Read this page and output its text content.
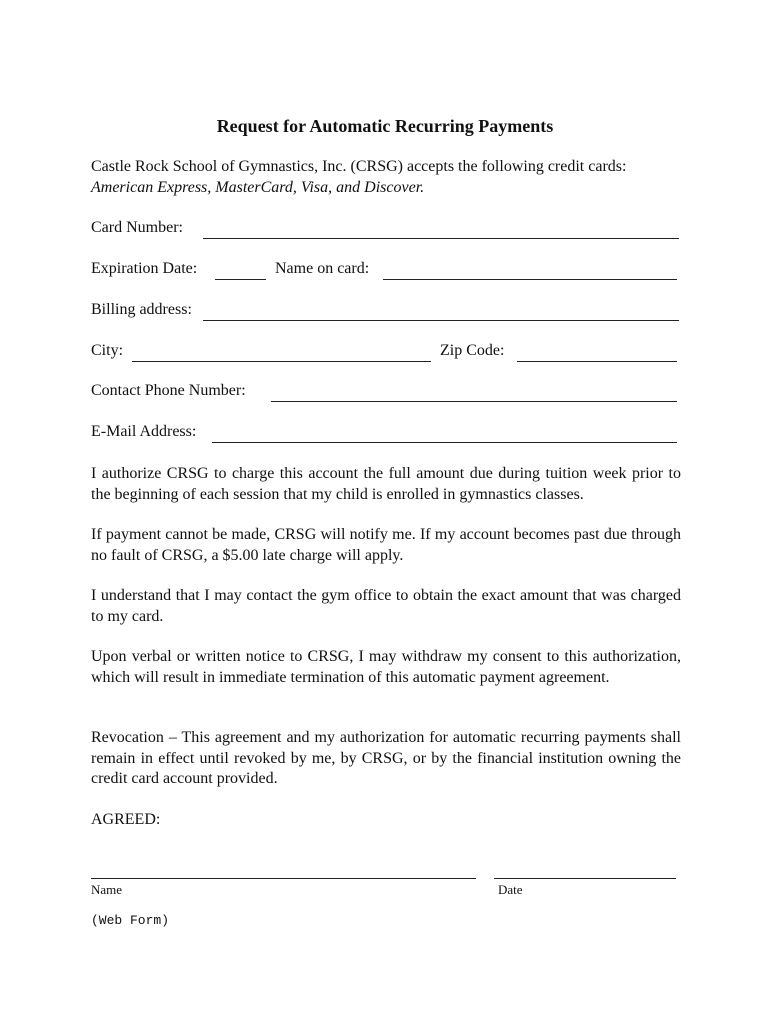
Request for Automatic Recurring Payments
Castle Rock School of Gymnastics, Inc. (CRSG) accepts the following credit cards:
American Express, MasterCard, Visa, and Discover.
Card Number:
Expiration Date:	Name on card:
Billing address:
City:	Zip Code:
Contact Phone Number:
E-Mail Address:
I authorize CRSG to charge this account the full amount due during tuition week prior to the beginning of each session that my child is enrolled in gymnastics classes.
If payment cannot be made, CRSG will notify me. If my account becomes past due through no fault of CRSG, a $5.00 late charge will apply.
I understand that I may contact the gym office to obtain the exact amount that was charged to my card.
Upon verbal or written notice to CRSG, I may withdraw my consent to this authorization, which will result in immediate termination of this automatic payment agreement.
Revocation – This agreement and my authorization for automatic recurring payments shall remain in effect until revoked by me, by CRSG, or by the financial institution owning the credit card account provided.
AGREED:
Name	Date
(Web Form)
